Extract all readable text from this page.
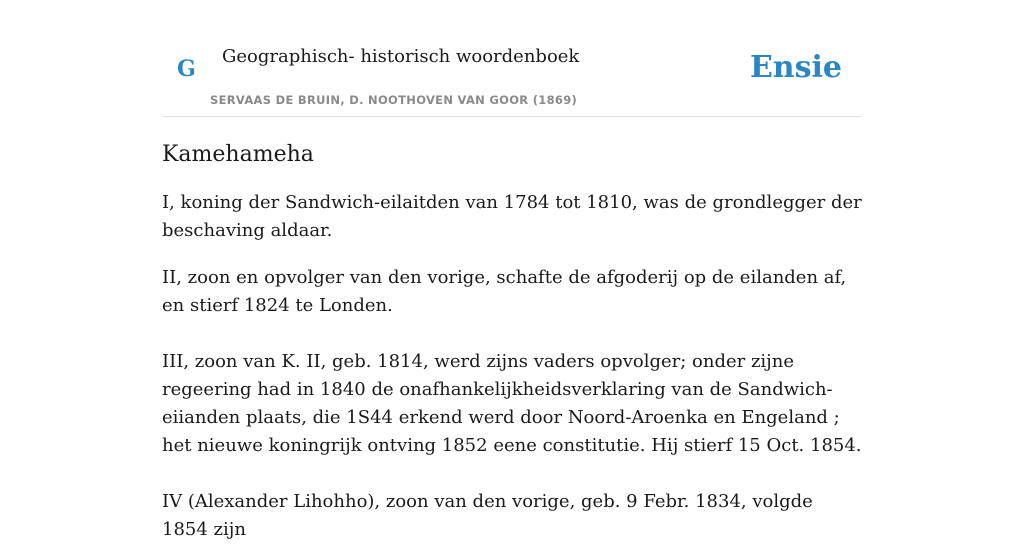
G Geographisch- historisch woordenboek
SERVAAS DE BRUIN, D. NOOTHOVEN VAN GOOR (1869)
Ensie
Kamehameha

I, koning der Sandwich-eilaitden van 1784 tot 1810, was de grondlegger der beschaving aldaar.

II, zoon en opvolger van den vorige, schafte de afgoderij op de eilanden af, en stierf 1824 te Londen.

III, zoon van K. II, geb. 1814, werd zijns vaders opvolger; onder zijne regeering had in 1840 de onafhankelijkheidsverklaring van de Sandwich-eiianden plaats, die 1S44 erkend werd door Noord-Aroenka en Engeland ; het nieuwe koningrijk ontving 1852 eene constitutie. Hij stierf 15 Oct. 1854.

IV (Alexander Lihohho), zoon van den vorige, geb. 9 Febr. 1834, volgde 1854 zijn
